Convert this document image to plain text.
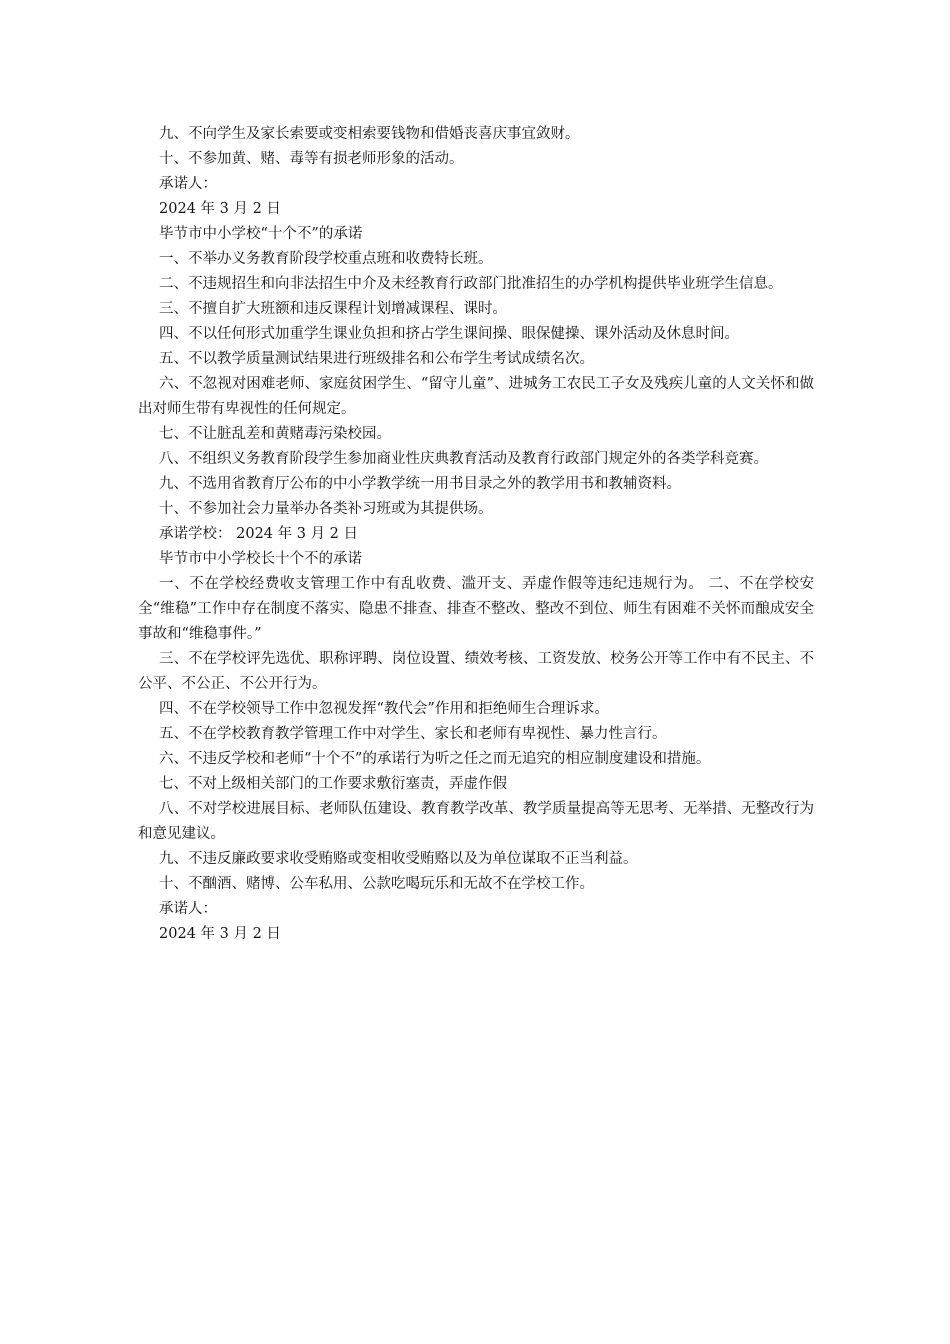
九、不向学生及家长索要或变相索要钱物和借婚丧喜庆事宜敛财。

十、不参加黄、赌、毒等有损老师形象的活动。

承诺人：

2024 年 3 月 2 日

毕节市中小学校“十个不”的承诺

一、不举办义务教育阶段学校重点班和收费特长班。

二、不违规招生和向非法招生中介及未经教育行政部门批准招生的办学机构提供毕业班学生信息。

三、不擅自扩大班额和违反课程计划增减课程、课时。

四、不以任何形式加重学生课业负担和挤占学生课间操、眼保健操、课外活动及休息时间。

五、不以教学质量测试结果进行班级排名和公布学生考试成绩名次。

六、不忽视对困难老师、家庭贫困学生、“留守儿童”、进城务工农民工子女及残疾儿童的人文关怀和做出对师生带有卑视性的任何规定。

七、不让脏乱差和黄赌毒污染校园。

八、不组织义务教育阶段学生参加商业性庆典教育活动及教育行政部门规定外的各类学科竞赛。

九、不选用省教育厅公布的中小学教学统一用书目录之外的教学用书和教辅资料。

十、不参加社会力量举办各类补习班或为其提供场。

承诺学校： 2024 年 3 月 2 日

毕节市中小学校长十个不的承诺

一、不在学校经费收支管理工作中有乱收费、滥开支、弄虚作假等违纪违规行为。 二、不在学校安全“维稳”工作中存在制度不落实、隐患不排查、排查不整改、整改不到位、师生有困难不关怀而酿成安全事故和“维稳事件。”

三、不在学校评先选优、职称评聘、岗位设置、绩效考核、工资发放、校务公开等工作中有不民主、不公平、不公正、不公开行为。

四、不在学校领导工作中忽视发挥“教代会”作用和拒绝师生合理诉求。

五、不在学校教育教学管理工作中对学生、家长和老师有卑视性、暴力性言行。

六、不违反学校和老师“十个不”的承诺行为听之任之而无追究的相应制度建设和措施。

七、不对上级相关部门的工作要求敷衍塞责，弄虚作假

八、不对学校进展目标、老师队伍建设、教育教学改革、教学质量提高等无思考、无举措、无整改行为和意见建议。

九、不违反廉政要求收受贿赂或变相收受贿赂以及为单位谋取不正当利益。

十、不酗酒、赌博、公车私用、公款吃喝玩乐和无故不在学校工作。

承诺人：

2024 年 3 月 2 日
